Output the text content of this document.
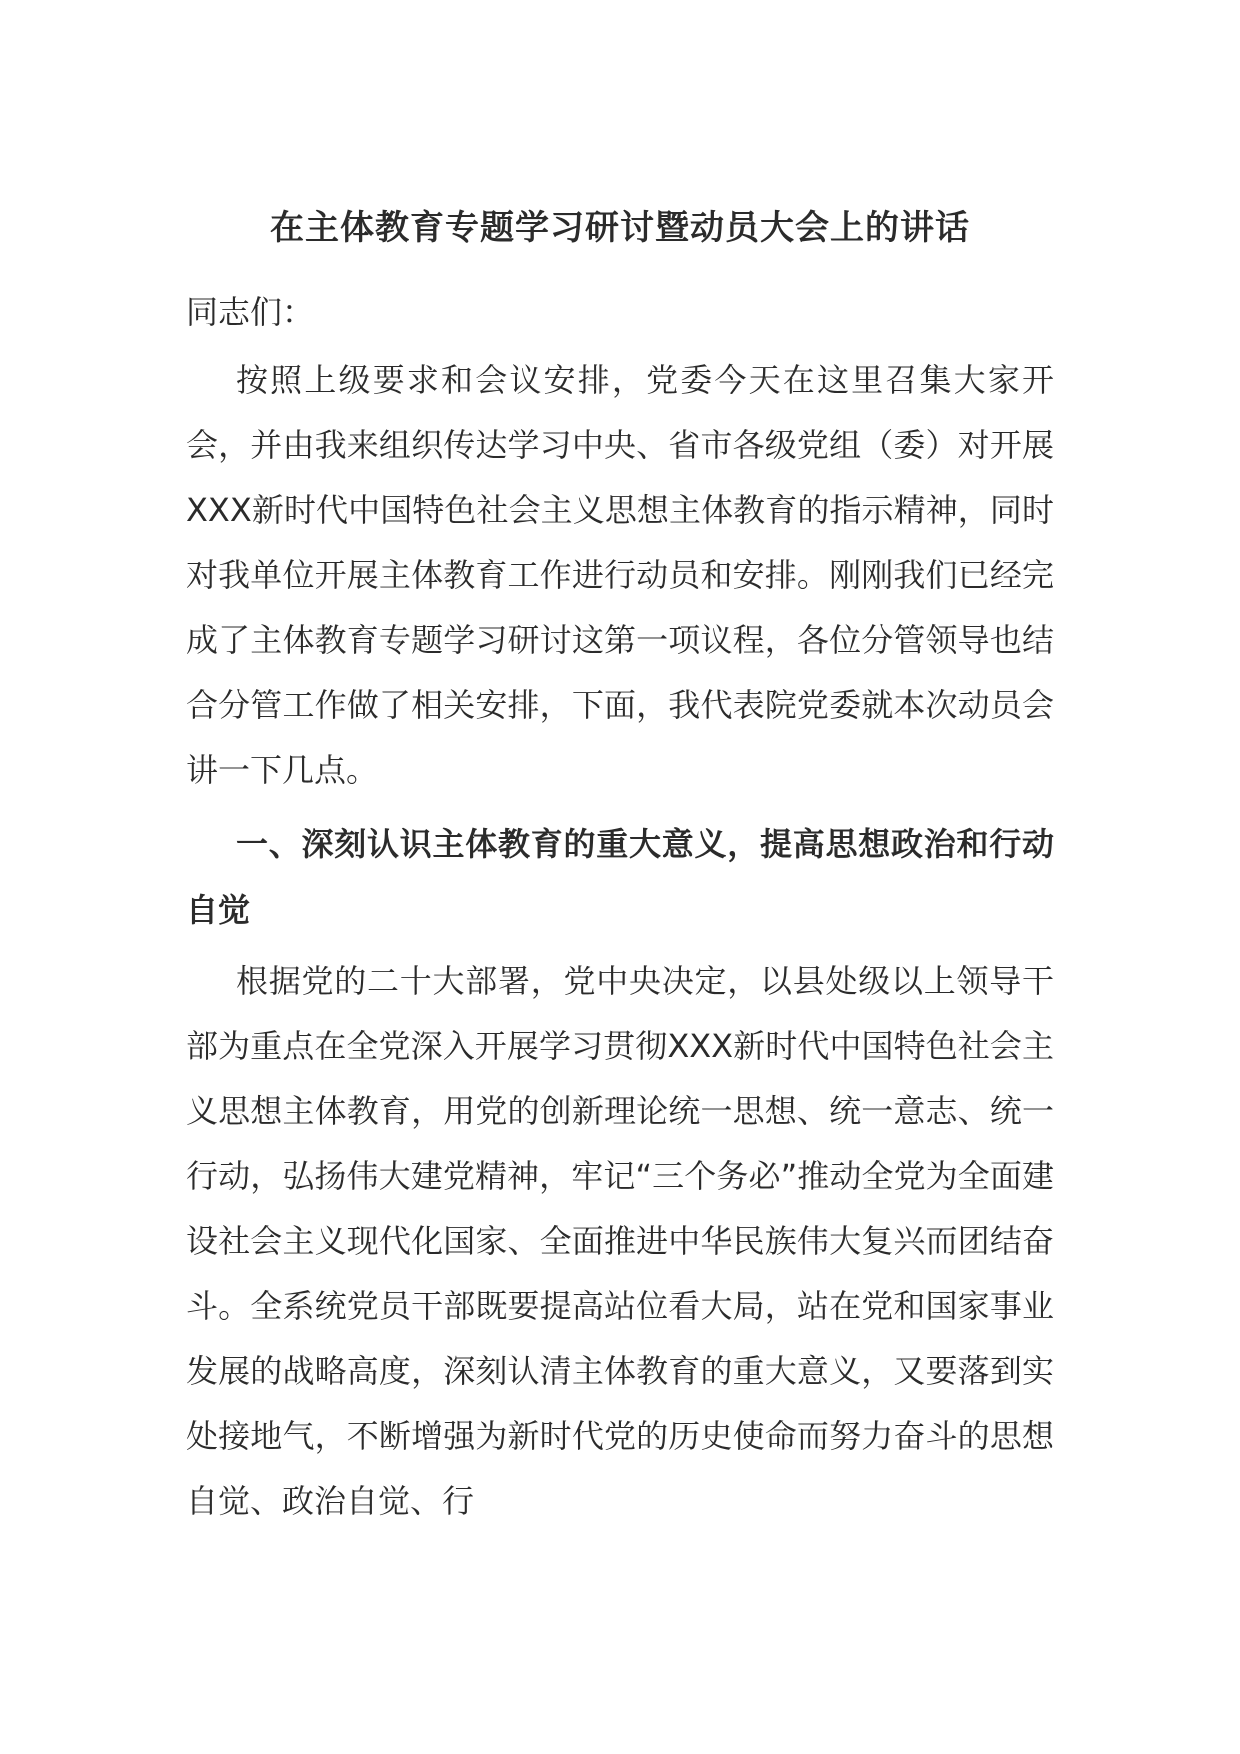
在主体教育专题学习研讨暨动员大会上的讲话

同志们：

按照上级要求和会议安排，党委今天在这里召集大家开会，并由我来组织传达学习中央、省市各级党组（委）对开展XXX新时代中国特色社会主义思想主体教育的指示精神，同时对我单位开展主体教育工作进行动员和安排。刚刚我们已经完成了主体教育专题学习研讨这第一项议程，各位分管领导也结合分管工作做了相关安排，下面，我代表院党委就本次动员会讲一下几点。

一、深刻认识主体教育的重大意义，提高思想政治和行动自觉

根据党的二十大部署，党中央决定，以县处级以上领导干部为重点在全党深入开展学习贯彻XXX新时代中国特色社会主义思想主体教育，用党的创新理论统一思想、统一意志、统一行动，弘扬伟大建党精神，牢记“三个务必”推动全党为全面建设社会主义现代化国家、全面推进中华民族伟大复兴而团结奋斗。全系统党员干部既要提高站位看大局，站在党和国家事业发展的战略高度，深刻认清主体教育的重大意义，又要落到实处接地气，不断增强为新时代党的历史使命而努力奋斗的思想自觉、政治自觉、行
